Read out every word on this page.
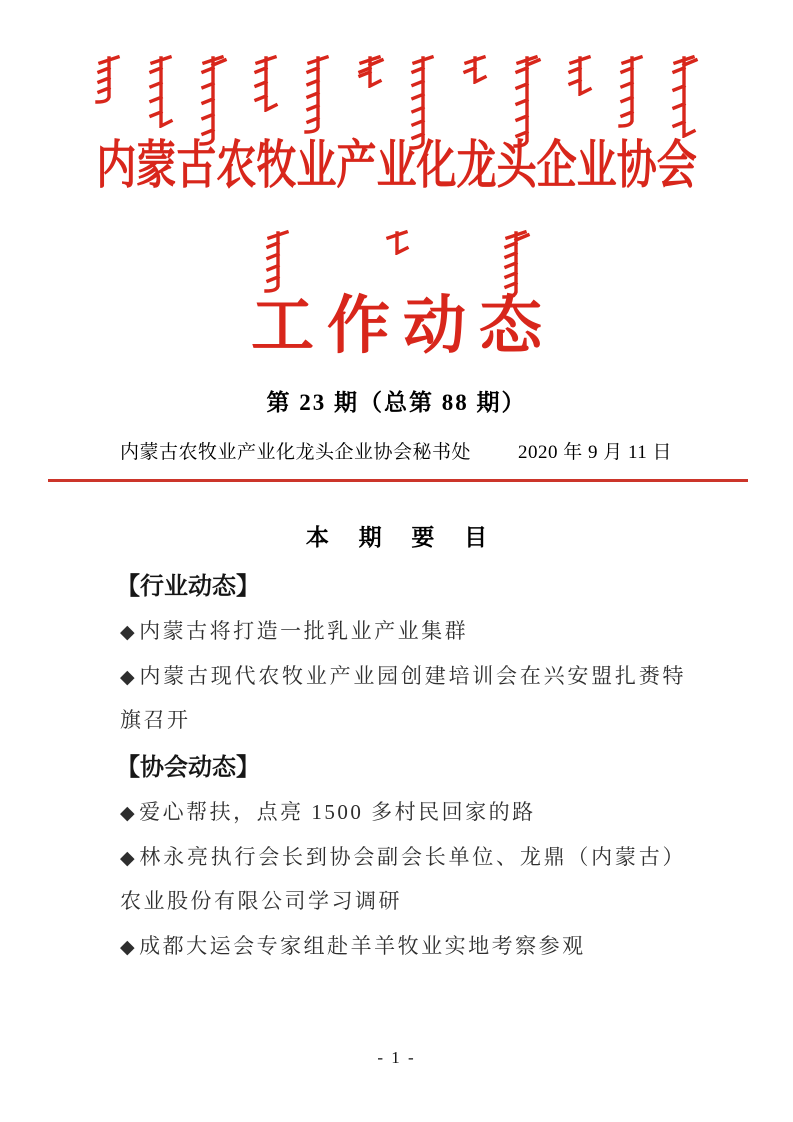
内蒙古农牧业产业化龙头企业协会
工作动态
第 23 期（总第 88 期）
内蒙古农牧业产业化龙头企业协会秘书处 2020 年 9 月 11 日
本 期 要 目
【行业动态】
◆内蒙古将打造一批乳业产业集群
◆内蒙古现代农牧业产业园创建培训会在兴安盟扎赉特旗召开
【协会动态】
◆爱心帮扶，点亮 1500 多村民回家的路
◆林永亮执行会长到协会副会长单位、龙鼎（内蒙古）农业股份有限公司学习调研
◆成都大运会专家组赴羊羊牧业实地考察参观
- 1 -
